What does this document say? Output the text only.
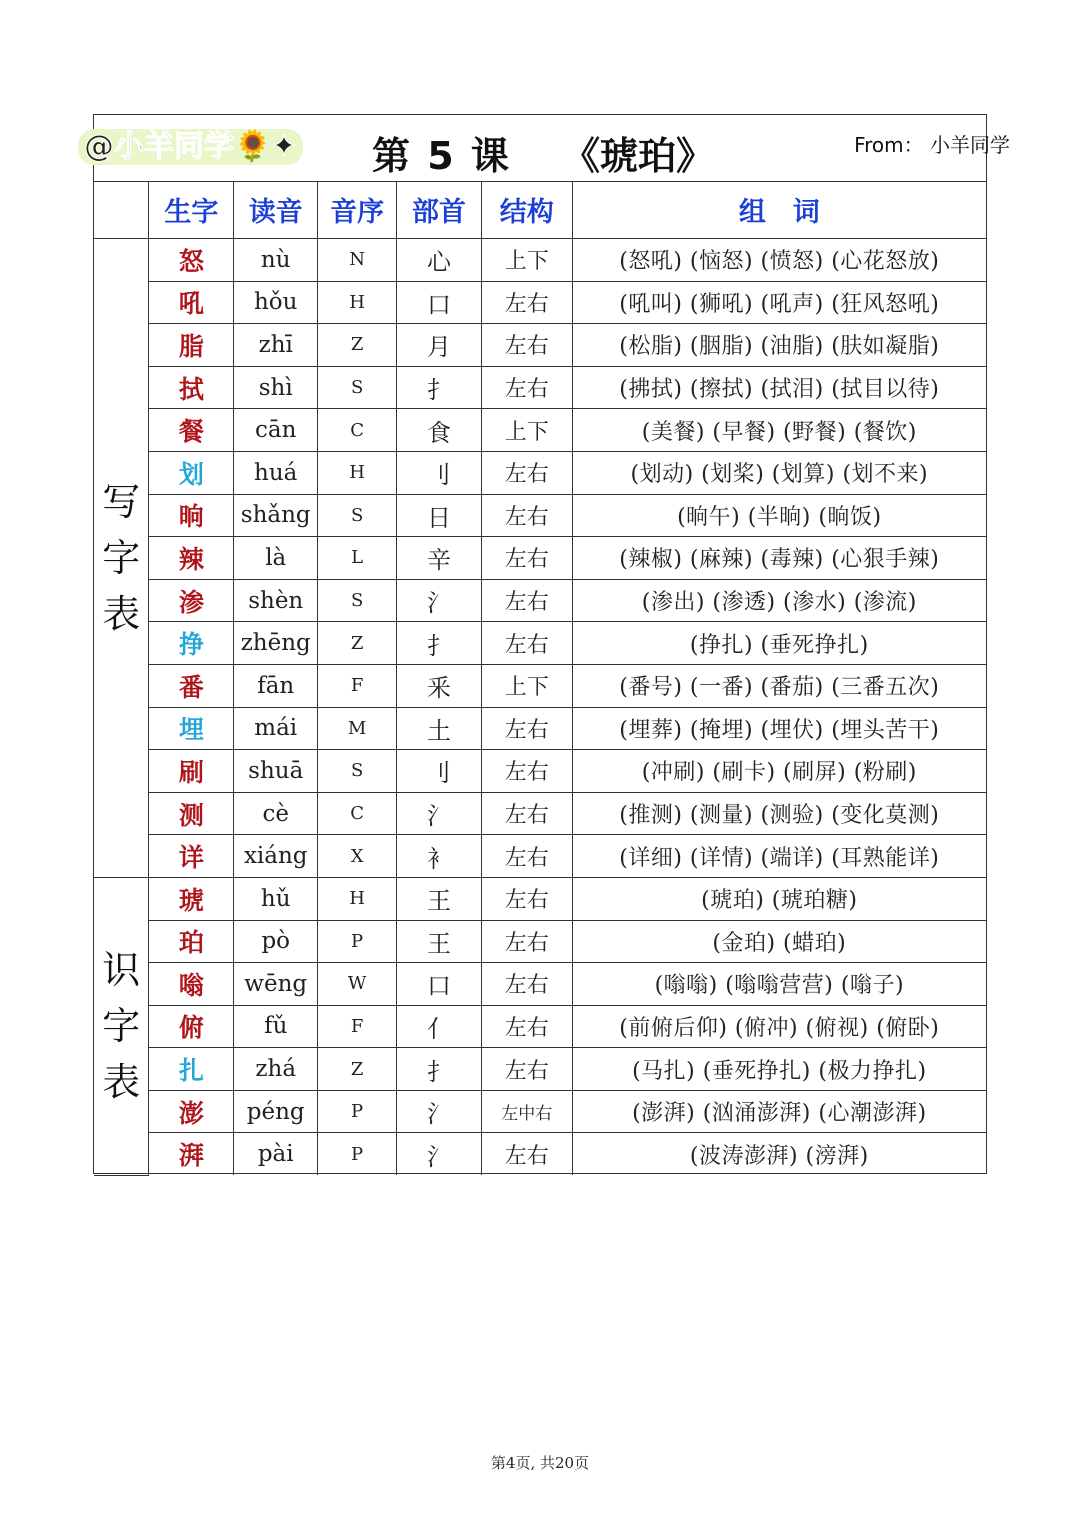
@小羊同学🌻✦ 第 5 课 《琥珀》	From： 小羊同学
	生字	读音	音序	部首	结构	组　词
写字表	怒	nù	N	心	上下	(怒吼) (恼怒) (愤怒) (心花怒放)
	吼	hǒu	H	口	左右	(吼叫) (狮吼) (吼声) (狂风怒吼)
	脂	zhī	Z	月	左右	(松脂) (胭脂) (油脂) (肤如凝脂)
	拭	shì	S	扌	左右	(拂拭) (擦拭) (拭泪) (拭目以待)
	餐	cān	C	食	上下	(美餐) (早餐) (野餐) (餐饮)
	划	huá	H	刂	左右	(划动) (划桨) (划算) (划不来)
	晌	shǎng	S	日	左右	(晌午) (半晌) (晌饭)
	辣	là	L	辛	左右	(辣椒) (麻辣) (毒辣) (心狠手辣)
	渗	shèn	S	氵	左右	(渗出) (渗透) (渗水) (渗流)
	挣	zhēng	Z	扌	左右	(挣扎) (垂死挣扎)
	番	fān	F	釆	上下	(番号) (一番) (番茄) (三番五次)
	埋	mái	M	土	左右	(埋葬) (掩埋) (埋伏) (埋头苦干)
	刷	shuā	S	刂	左右	(冲刷) (刷卡) (刷屏) (粉刷)
	测	cè	C	氵	左右	(推测) (测量) (测验) (变化莫测)
	详	xiáng	X	衤	左右	(详细) (详情) (端详) (耳熟能详)
识字表	琥	hǔ	H	王	左右	(琥珀) (琥珀糖)
	珀	pò	P	王	左右	(金珀) (蜡珀)
	嗡	wēng	W	口	左右	(嗡嗡) (嗡嗡营营) (嗡子)
	俯	fǔ	F	亻	左右	(前俯后仰) (俯冲) (俯视) (俯卧)
	扎	zhá	Z	扌	左右	(马扎) (垂死挣扎) (极力挣扎)
	澎	péng	P	氵	左中右	(澎湃) (汹涌澎湃) (心潮澎湃)
	湃	pài	P	氵	左右	(波涛澎湃) (滂湃)
第4页, 共20页
